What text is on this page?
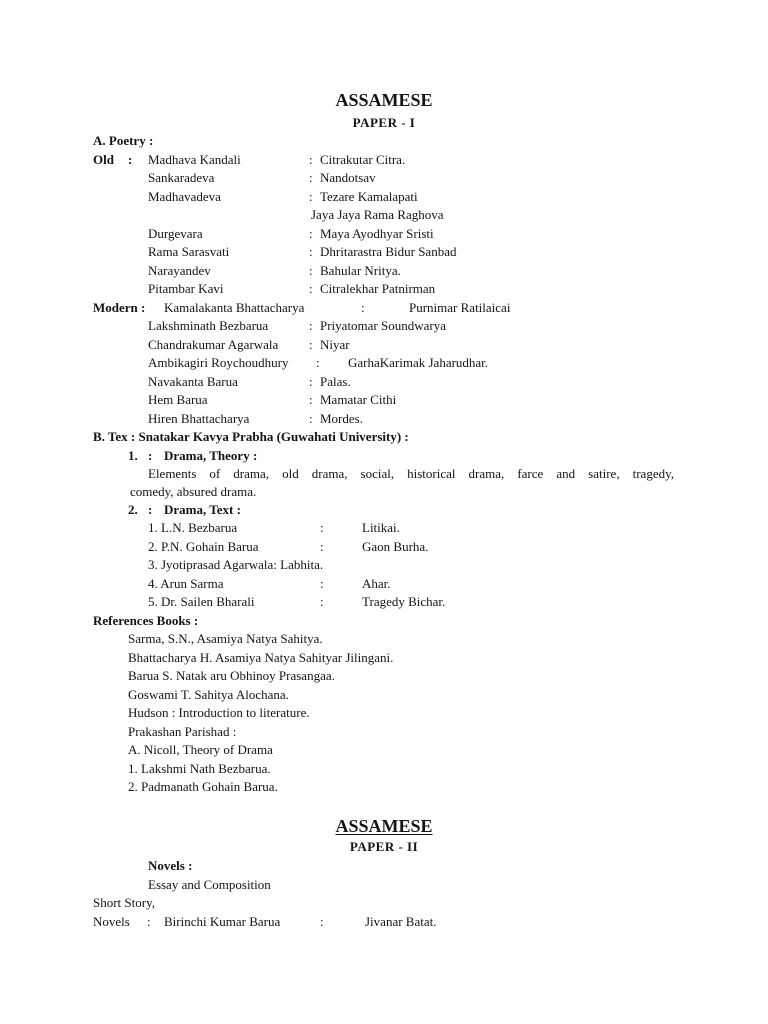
ASSAMESE
PAPER - I
A. Poetry :
Old : Madhava Kandali	: Citrakutar Citra.
Sankaradeva	: Nandotsav
Madhavadeva	: Tezare Kamalapati
Jaya Jaya Rama Raghova
Durgevara	: Maya Ayodhyar Sristi
Rama Sarasvati	: Dhritarastra Bidur Sanbad
Narayandev	: Bahular Nritya.
Pitambar Kavi	: Citralekhar Patnirman
Modern : Kamalakanta Bhattacharya	:	Purnimar Ratilaicai
Lakshminath Bezbarua	: Priyatomar Soundwarya
Chandrakumar Agarwala : Niyar
Ambikagiri Roychoudhury : GarhaKarimak Jaharudhar.
Navakanta Barua	: Palas.
Hem Barua	: Mamatar Cithi
Hiren Bhattacharya	: Mordes.
B. Tex : Snatakar Kavya Prabha (Guwahati University) :
1. : Drama, Theory :
Elements of drama, old drama, social, historical drama, farce and satire, tragedy,
comedy, absured drama.
2. : Drama, Text :
1. L.N. Bezbarua	:	Litikai.
2. P.N. Gohain Barua	:	Gaon Burha.
3. Jyotiprasad Agarwala: Labhita.
4. Arun Sarma	:	Ahar.
5. Dr. Sailen Bharali	:	Tragedy Bichar.
References Books :
Sarma, S.N., Asamiya Natya Sahitya.
Bhattacharya H. Asamiya Natya Sahityar Jilingani.
Barua S. Natak aru Obhinoy Prasangaa.
Goswami T. Sahitya Alochana.
Hudson : Introduction to literature.
Prakashan Parishad :
A. Nicoll, Theory of Drama
1. Lakshmi Nath Bezbarua.
2. Padmanath Gohain Barua.
ASSAMESE
PAPER - II
Novels :
Essay and Composition
Short Story,
Novels : Birinchi Kumar Barua	:	Jivanar Batat.
